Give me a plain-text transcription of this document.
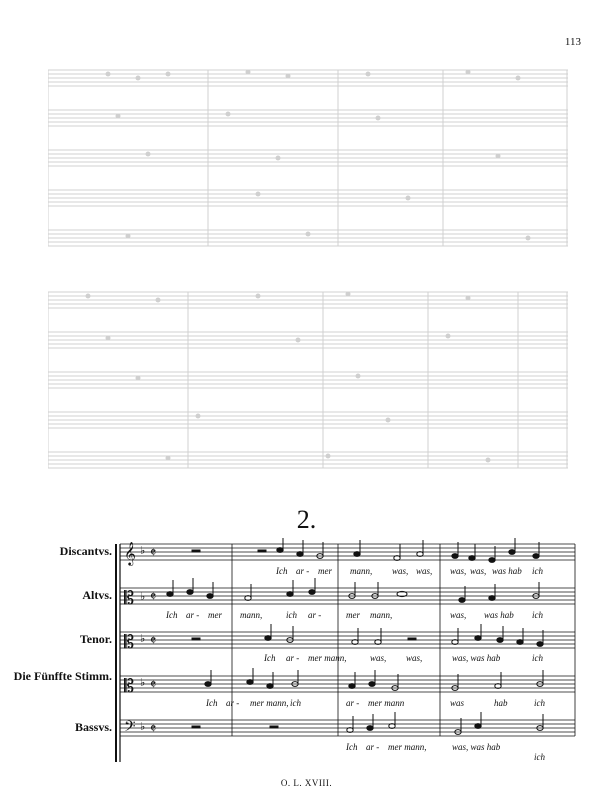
113
2.
𝄞
𝄡
𝄡
𝄡
𝄢
♭
♭
♭
♭
♭
𝄵
𝄵
𝄵
𝄵
𝄵
Discantvs.
Altvs.
Tenor.
Die Fünffte Stimm.
Bassvs.
Ich ar - mer mann, was, was, was, was, was hab ich
Ich ar - mer mann,	ich ar -	mer mann,	was, was hab ich
Ich ar - mer mann,	was, was,	was, was hab	ich
Ich ar - mer mann, ich	ar - mer mann	was	hab	ich
Ich ar - mer mann,	was, was hab
ich
O. L. XVIII.
